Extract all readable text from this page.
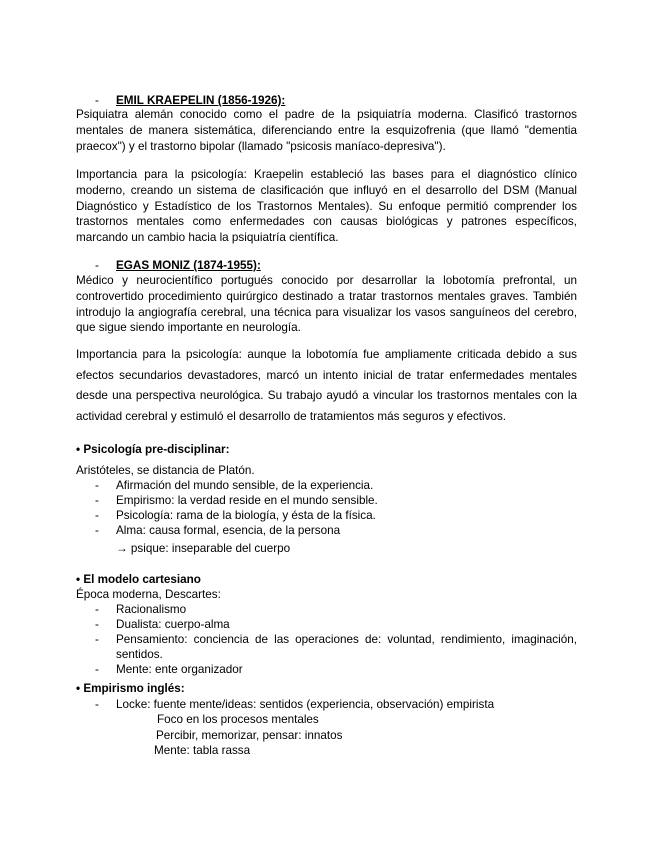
- EMIL KRAEPELIN (1856-1926):

Psiquiatra alemán conocido como el padre de la psiquiatría moderna. Clasificó trastornos mentales de manera sistemática, diferenciando entre la esquizofrenia (que llamó "dementia praecox") y el trastorno bipolar (llamado "psicosis maníaco-depresiva").

Importancia para la psicología: Kraepelin estableció las bases para el diagnóstico clínico moderno, creando un sistema de clasificación que influyó en el desarrollo del DSM (Manual Diagnóstico y Estadístico de los Trastornos Mentales). Su enfoque permitió comprender los trastornos mentales como enfermedades con causas biológicas y patrones específicos, marcando un cambio hacia la psiquiatría científica.

- EGAS MONIZ (1874-1955):

Médico y neurocientífico portugués conocido por desarrollar la lobotomía prefrontal, un controvertido procedimiento quirúrgico destinado a tratar trastornos mentales graves. También introdujo la angiografía cerebral, una técnica para visualizar los vasos sanguíneos del cerebro, que sigue siendo importante en neurología.

Importancia para la psicología: aunque la lobotomía fue ampliamente criticada debido a sus efectos secundarios devastadores, marcó un intento inicial de tratar enfermedades mentales desde una perspectiva neurológica. Su trabajo ayudó a vincular los trastornos mentales con la actividad cerebral y estimuló el desarrollo de tratamientos más seguros y efectivos.

• Psicología pre-disciplinar:
Aristóteles, se distancia de Platón.
- Afirmación del mundo sensible, de la experiencia.
- Empirismo: la verdad reside en el mundo sensible.
- Psicología: rama de la biología, y ésta de la física.
- Alma: causa formal, esencia, de la persona
→ psique: inseparable del cuerpo
• El modelo cartesiano
Época moderna, Descartes:
- Racionalismo
- Dualista: cuerpo-alma
- Pensamiento: conciencia de las operaciones de: voluntad, rendimiento, imaginación, sentidos.
- Mente: ente organizador
• Empirismo inglés:
- Locke: fuente mente/ideas: sentidos (experiencia, observación) empirista
Foco en los procesos mentales
Percibir, memorizar, pensar: innatos
Mente: tabla rassa
